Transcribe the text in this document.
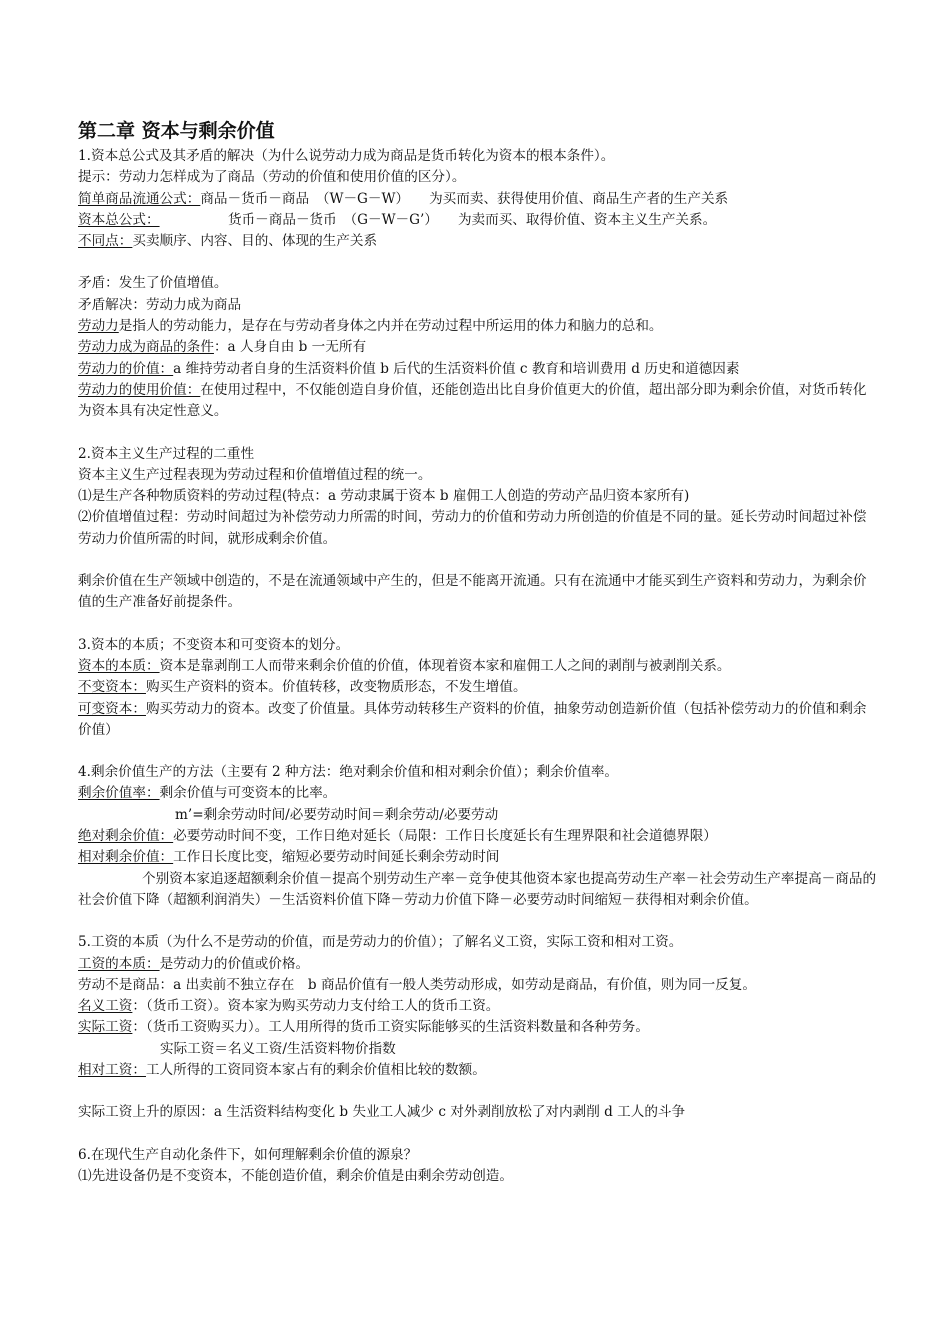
第二章 资本与剩余价值

1.资本总公式及其矛盾的解决（为什么说劳动力成为商品是货币转化为资本的根本条件）。

提示：劳动力怎样成为了商品（劳动的价值和使用价值的区分）。

简单商品流通公式：商品－货币－商品　（W－G－W） 为买而卖、获得使用价值、商品生产者的生产关系

资本总公式：	货币－商品－货币　（G－W－G’） 为卖而买、取得价值、资本主义生产关系。

不同点：买卖顺序、内容、目的、体现的生产关系

矛盾：发生了价值增值。

矛盾解决：劳动力成为商品

劳动力是指人的劳动能力，是存在与劳动者身体之内并在劳动过程中所运用的体力和脑力的总和。

劳动力成为商品的条件：a 人身自由 b 一无所有

劳动力的价值：a 维持劳动者自身的生活资料价值 b 后代的生活资料价值 c 教育和培训费用 d 历史和道德因素

劳动力的使用价值：在使用过程中，不仅能创造自身价值，还能创造出比自身价值更大的价值，超出部分即为剩余价值，对货币转化为资本具有决定性意义。

2.资本主义生产过程的二重性

资本主义生产过程表现为劳动过程和价值增值过程的统一。

⑴是生产各种物质资料的劳动过程(特点：a 劳动隶属于资本 b 雇佣工人创造的劳动产品归资本家所有)

⑵价值增值过程：劳动时间超过为补偿劳动力所需的时间，劳动力的价值和劳动力所创造的价值是不同的量。延长劳动时间超过补偿劳动力价值所需的时间，就形成剩余价值。

剩余价值在生产领域中创造的，不是在流通领域中产生的，但是不能离开流通。只有在流通中才能买到生产资料和劳动力，为剩余价值的生产准备好前提条件。

3.资本的本质；不变资本和可变资本的划分。

资本的本质：资本是靠剥削工人而带来剩余价值的价值，体现着资本家和雇佣工人之间的剥削与被剥削关系。

不变资本：购买生产资料的资本。价值转移，改变物质形态，不发生增值。

可变资本：购买劳动力的资本。改变了价值量。具体劳动转移生产资料的价值，抽象劳动创造新价值（包括补偿劳动力的价值和剩余价值）

4.剩余价值生产的方法（主要有 2 种方法：绝对剩余价值和相对剩余价值）；剩余价值率。

剩余价值率：剩余价值与可变资本的比率。

m’=剩余劳动时间/必要劳动时间＝剩余劳动/必要劳动

绝对剩余价值：必要劳动时间不变，工作日绝对延长（局限：工作日长度延长有生理界限和社会道德界限）

相对剩余价值：工作日长度比变，缩短必要劳动时间延长剩余劳动时间

个别资本家追逐超额剩余价值－提高个别劳动生产率－竞争使其他资本家也提高劳动生产率－社会劳动生产率提高－商品的社会价值下降（超额利润消失）－生活资料价值下降－劳动力价值下降－必要劳动时间缩短－获得相对剩余价值。

5.工资的本质（为什么不是劳动的价值，而是劳动力的价值）；了解名义工资，实际工资和相对工资。

工资的本质：是劳动力的价值或价格。

劳动不是商品：a 出卖前不独立存在　b 商品价值有一般人类劳动形成，如劳动是商品，有价值，则为同一反复。

名义工资：（货币工资）。资本家为购买劳动力支付给工人的货币工资。

实际工资：（货币工资购买力）。工人用所得的货币工资实际能够买的生活资料数量和各种劳务。

实际工资＝名义工资/生活资料物价指数

相对工资：工人所得的工资同资本家占有的剩余价值相比较的数额。

实际工资上升的原因：a 生活资料结构变化 b 失业工人减少 c 对外剥削放松了对内剥削 d 工人的斗争

6.在现代生产自动化条件下，如何理解剩余价值的源泉？

⑴先进设备仍是不变资本，不能创造价值，剩余价值是由剩余劳动创造。
